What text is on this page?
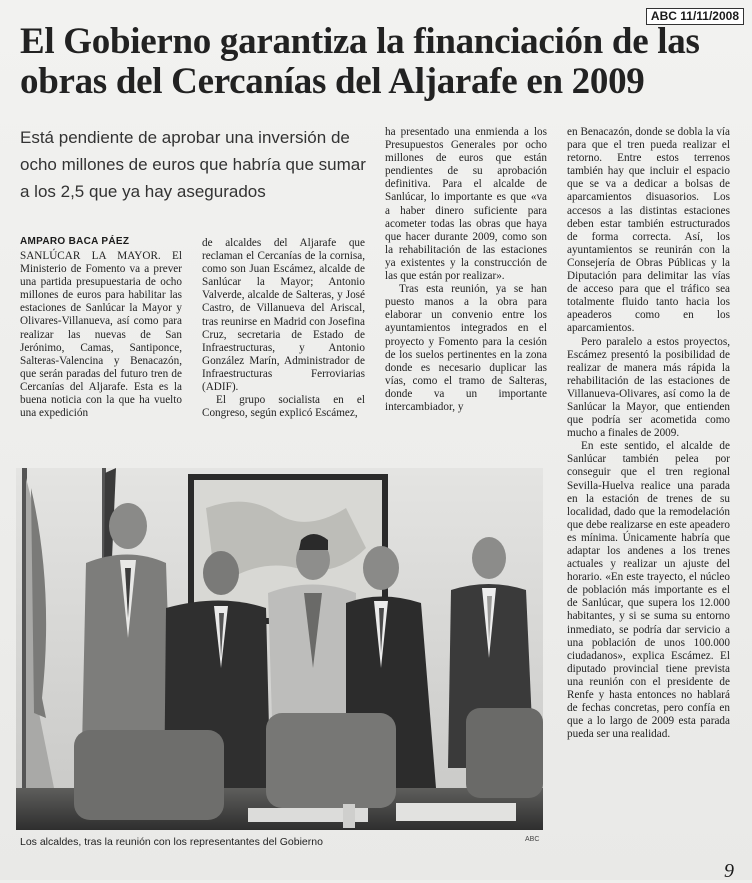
ABC 11/11/2008
El Gobierno garantiza la financiación de las obras del Cercanías del Aljarafe en 2009
Está pendiente de aprobar una inversión de ocho millones de euros que habría que sumar a los 2,5 que ya hay asegurados
AMPARO BACA PÁEZ

SANLÚCAR LA MAYOR. El Ministerio de Fomento va a prever una partida presupuestaria de ocho millones de euros para habilitar las estaciones de Sanlúcar la Mayor y Olivares-Villanueva, así como para realizar las nuevas de San Jerónimo, Camas, Santiponce, Salteras-Valencina y Benacazón, que serán paradas del futuro tren de Cercanías del Aljarafe. Esta es la buena noticia con la que ha vuelto una expedición

de alcaldes del Aljarafe que reclaman el Cercanías de la cornisa, como son Juan Escámez, alcalde de Sanlúcar la Mayor; Antonio Valverde, alcalde de Salteras, y José Castro, de Villanueva del Ariscal, tras reunirse en Madrid con Josefina Cruz, secretaria de Estado de Infraestructuras, y Antonio González Marín, Administrador de Infraestructuras Ferroviarias (ADIF).

El grupo socialista en el Congreso, según explicó Escámez,

ha presentado una enmienda a los Presupuestos Generales por ocho millones de euros que están pendientes de su aprobación definitiva. Para el alcalde de Sanlúcar, lo importante es que «va a haber dinero suficiente para acometer todas las obras que haya que hacer durante 2009, como son la rehabilitación de las estaciones ya existentes y la construcción de las que están por realizar».

Tras esta reunión, ya se han puesto manos a la obra para elaborar un convenio entre los ayuntamientos integrados en el proyecto y Fomento para la cesión de los suelos pertinentes en la zona donde es necesario duplicar las vías, como el tramo de Salteras, donde va un importante intercambiador, y

en Benacazón, donde se dobla la vía para que el tren pueda realizar el retorno. Entre estos terrenos también hay que incluir el espacio que se va a dedicar a bolsas de aparcamientos disuasorios. Los accesos a las distintas estaciones deben estar también estructurados de forma correcta. Así, los ayuntamientos se reunirán con la Consejería de Obras Públicas y la Diputación para delimitar las vías de acceso para que el tráfico sea totalmente fluido tanto hacia los apeaderos como en los aparcamientos.

Pero paralelo a estos proyectos, Escámez presentó la posibilidad de realizar de manera más rápida la rehabilitación de las estaciones de Villanueva-Olivares, así como la de Sanlúcar la Mayor, que entienden que podría ser acometida como mucho a finales de 2009.

En este sentido, el alcalde de Sanlúcar también pelea por conseguir que el tren regional Sevilla-Huelva realice una parada en la estación de trenes de su localidad, dado que la remodelación que debe realizarse en este apeadero es mínima. Únicamente habría que adaptar los andenes a los trenes actuales y realizar un ajuste del horario. «En este trayecto, el núcleo de población más importante es el de Sanlúcar, que supera los 12.000 habitantes, y si se suma su entorno inmediato, se podría dar servicio a una población de unos 100.000 ciudadanos», explica Escámez. El diputado provincial tiene prevista una reunión con el presidente de Renfe y hasta entonces no hablará de fechas concretas, pero confía en que a lo largo de 2009 esta parada pueda ser una realidad.

Los alcaldes, tras la reunión con los representantes del Gobierno	ABC
9
